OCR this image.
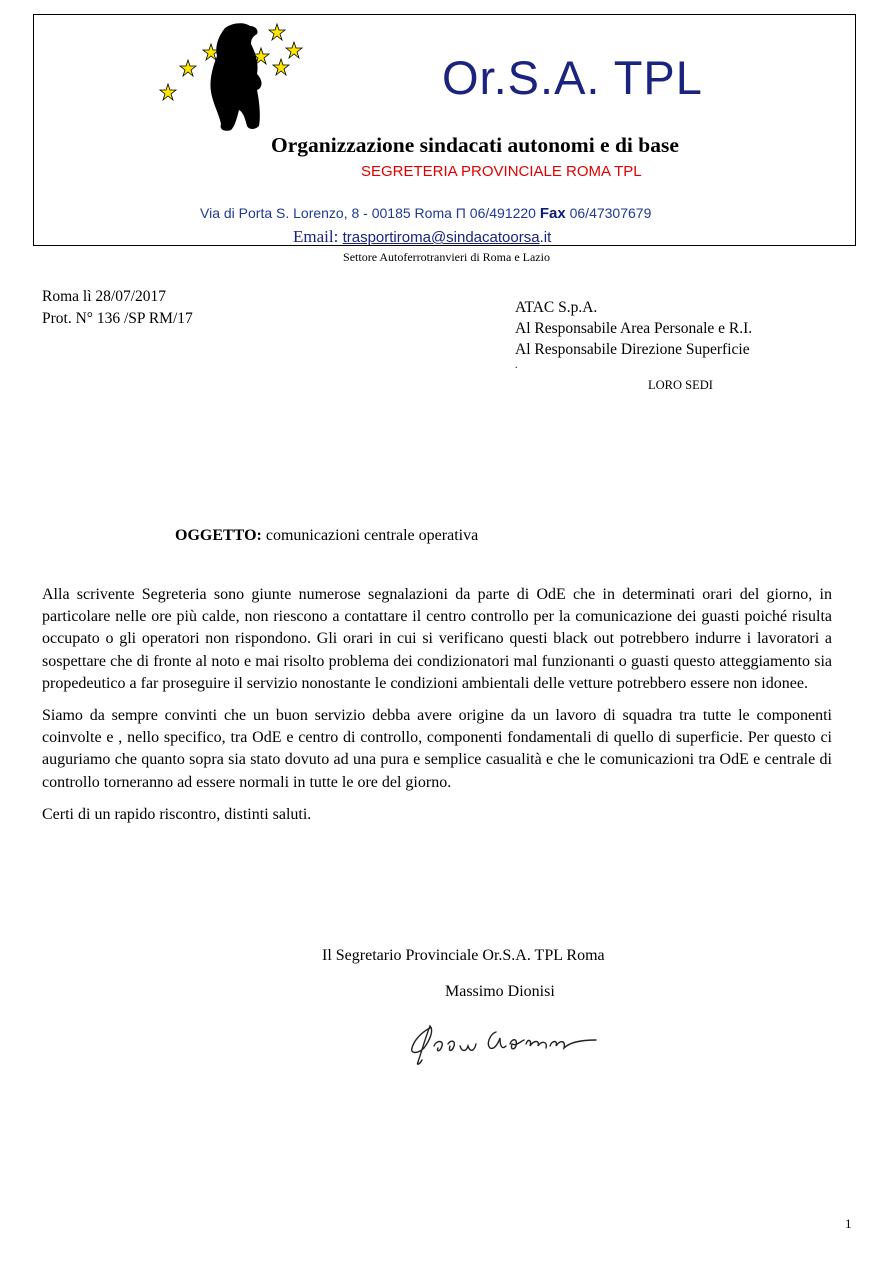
Or.S.A. TPL
Organizzazione sindacati autonomi e di base
SEGRETERIA PROVINCIALE ROMA TPL
Via di Porta S. Lorenzo, 8 - 00185 Roma Π 06/491220 Fax 06/47307679
Email: trasportiroma@sindacatoorsa.it
Settore Autoferrotranvieri di Roma e Lazio
Roma lì 28/07/2017
Prot. N° 136 /SP RM/17
ATAC S.p.A.
Al Responsabile Area Personale e R.I.
Al Responsabile Direzione Superficie
.
LORO SEDI
OGGETTO: comunicazioni centrale operativa

Alla scrivente Segreteria sono giunte numerose segnalazioni da parte di OdE che in determinati orari del giorno, in particolare nelle ore più calde, non riescono a contattare il centro controllo per la comunicazione dei guasti poiché risulta occupato o gli operatori non rispondono. Gli orari in cui si verificano questi black out potrebbero indurre i lavoratori a sospettare che di fronte al noto e mai risolto problema dei condizionatori mal funzionanti o guasti questo atteggiamento sia propedeutico a far proseguire il servizio nonostante le condizioni ambientali delle vetture potrebbero essere non idonee.

Siamo da sempre convinti che un buon servizio debba avere origine da un lavoro di squadra tra tutte le componenti coinvolte e , nello specifico, tra OdE e centro di controllo, componenti fondamentali di quello di superficie. Per questo ci auguriamo che quanto sopra sia stato dovuto ad una pura e semplice casualità e che le comunicazioni tra OdE e centrale di controllo torneranno ad essere normali in tutte le ore del giorno.

Certi di un rapido riscontro, distinti saluti.

Il Segretario Provinciale Or.S.A. TPL Roma
Massimo Dionisi
1
